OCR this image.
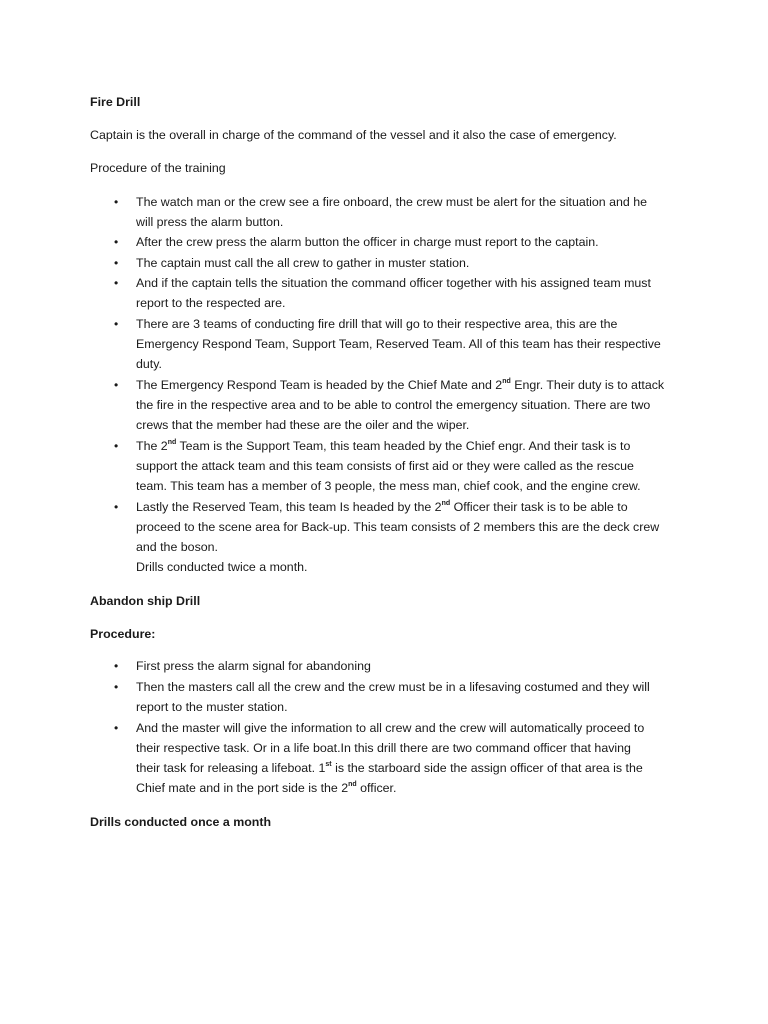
Fire Drill
Captain is the overall in charge of the command of the vessel and it also the case of emergency.
Procedure of the training
• The watch man or the crew see a fire onboard, the crew must be alert for the situation and he
will press the alarm button.
• After the crew press the alarm button the officer in charge must report to the captain.
• The captain must call the all crew to gather in muster station.
• And if the captain tells the situation the command officer together with his assigned team must
report to the respected are.
• There are 3 teams of conducting fire drill that will go to their respective area, this are the
Emergency Respond Team, Support Team, Reserved Team. All of this team has their respective
duty.
• The Emergency Respond Team is headed by the Chief Mate and 2nd Engr. Their duty is to attack
the fire in the respective area and to be able to control the emergency situation. There are two
crews that the member had these are the oiler and the wiper.
• The 2nd Team is the Support Team, this team headed by the Chief engr. And their task is to
support the attack team and this team consists of first aid or they were called as the rescue
team. This team has a member of 3 people, the mess man, chief cook, and the engine crew.
• Lastly the Reserved Team, this team Is headed by the 2nd Officer their task is to be able to
proceed to the scene area for Back-up. This team consists of 2 members this are the deck crew
and the boson.
Drills conducted twice a month.
Abandon ship Drill
Procedure:
• First press the alarm signal for abandoning
• Then the masters call all the crew and the crew must be in a lifesaving costumed and they will
report to the muster station.
• And the master will give the information to all crew and the crew will automatically proceed to
their respective task. Or in a life boat.In this drill there are two command officer that having
their task for releasing a lifeboat. 1st is the starboard side the assign officer of that area is the
Chief mate and in the port side is the 2nd officer.
Drills conducted once a month
